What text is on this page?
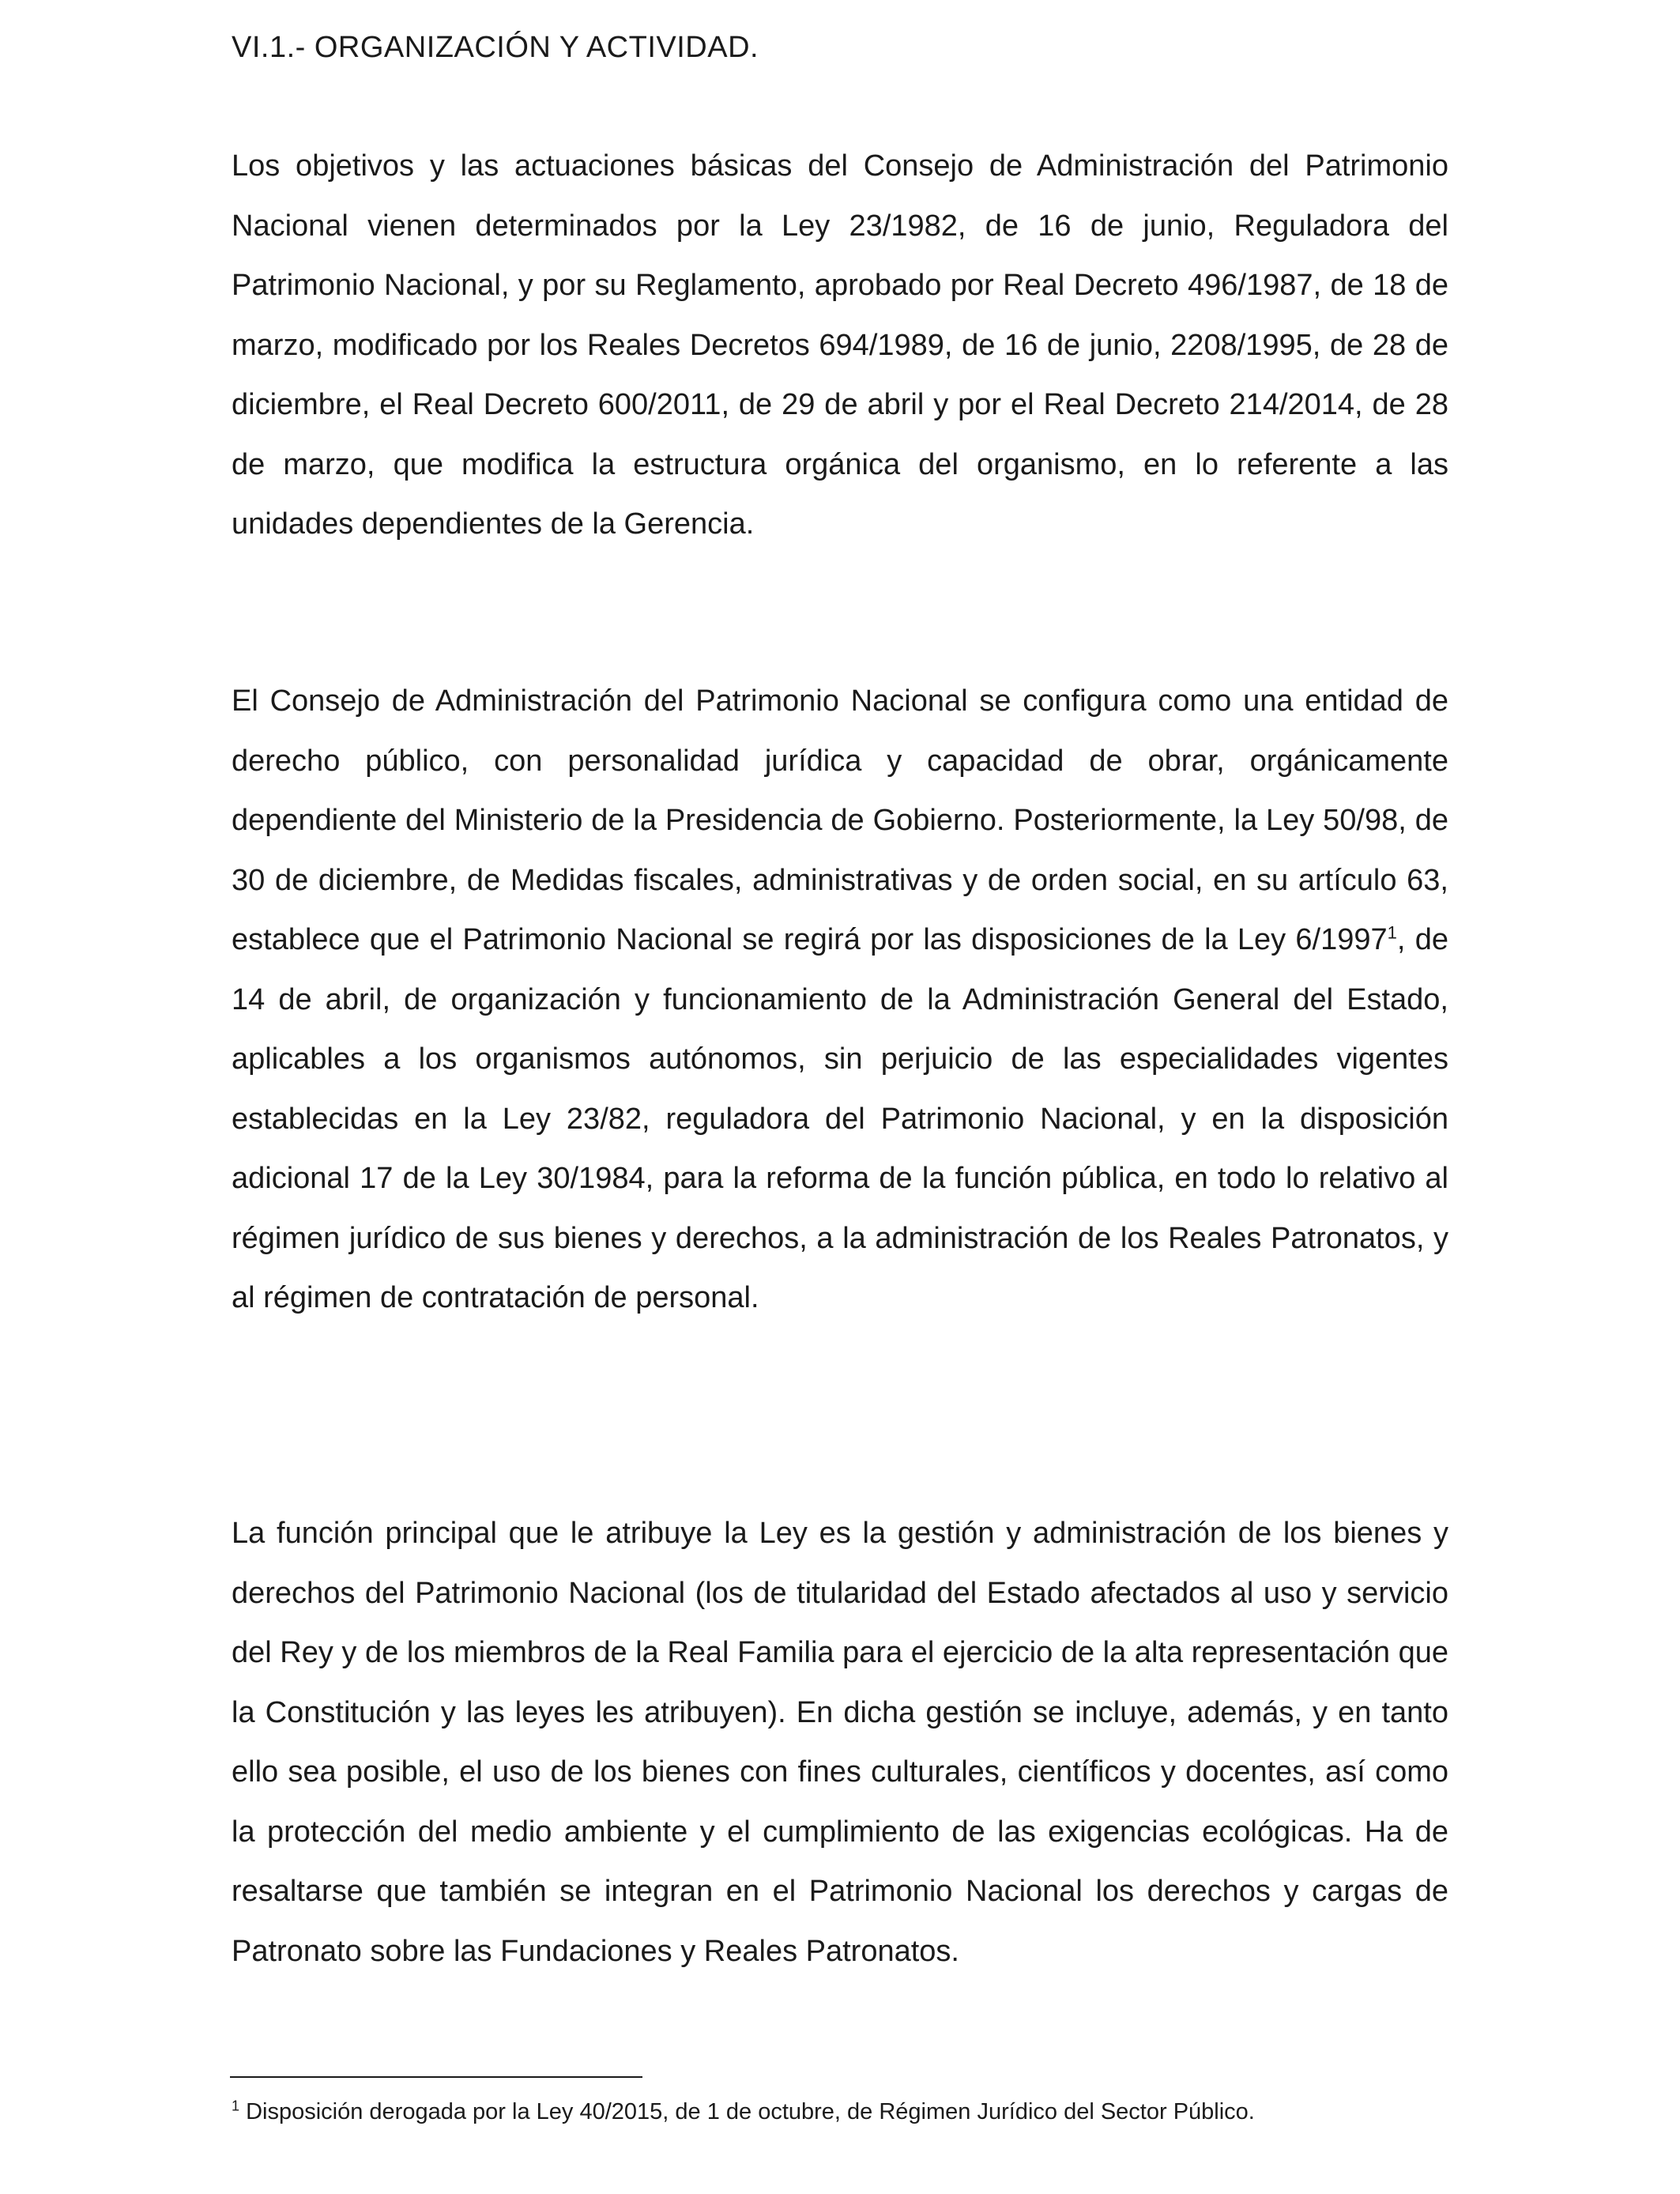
VI.1.- ORGANIZACIÓN Y ACTIVIDAD.

Los objetivos y las actuaciones básicas del Consejo de Administración del Patrimonio Nacional vienen determinados por la Ley 23/1982, de 16 de junio, Reguladora del Patrimonio Nacional, y por su Reglamento, aprobado por Real Decreto 496/1987, de 18 de marzo, modificado por los Reales Decretos 694/1989, de 16 de junio, 2208/1995, de 28 de diciembre, el Real Decreto 600/2011, de 29 de abril y por el Real Decreto 214/2014, de 28 de marzo, que modifica la estructura orgánica del organismo, en lo referente a las unidades dependientes de la Gerencia.

El Consejo de Administración del Patrimonio Nacional se configura como una entidad de derecho público, con personalidad jurídica y capacidad de obrar, orgánicamente dependiente del Ministerio de la Presidencia de Gobierno. Posteriormente, la Ley 50/98, de 30 de diciembre, de Medidas fiscales, administrativas y de orden social, en su artículo 63, establece que el Patrimonio Nacional se regirá por las disposiciones de la Ley 6/1997$^1$, de 14 de abril, de organización y funcionamiento de la Administración General del Estado, aplicables a los organismos autónomos, sin perjuicio de las especialidades vigentes establecidas en la Ley 23/82, reguladora del Patrimonio Nacional, y en la disposición adicional 17 de la Ley 30/1984, para la reforma de la función pública, en todo lo relativo al régimen jurídico de sus bienes y derechos, a la administración de los Reales Patronatos, y al régimen de contratación de personal.

La función principal que le atribuye la Ley es la gestión y administración de los bienes y derechos del Patrimonio Nacional (los de titularidad del Estado afectados al uso y servicio del Rey y de los miembros de la Real Familia para el ejercicio de la alta representación que la Constitución y las leyes les atribuyen). En dicha gestión se incluye, además, y en tanto ello sea posible, el uso de los bienes con fines culturales, científicos y docentes, así como la protección del medio ambiente y el cumplimiento de las exigencias ecológicas. Ha de resaltarse que también se integran en el Patrimonio Nacional los derechos y cargas de Patronato sobre las Fundaciones y Reales Patronatos.

$^1$ Disposición derogada por la Ley 40/2015, de 1 de octubre, de Régimen Jurídico del Sector Público.
